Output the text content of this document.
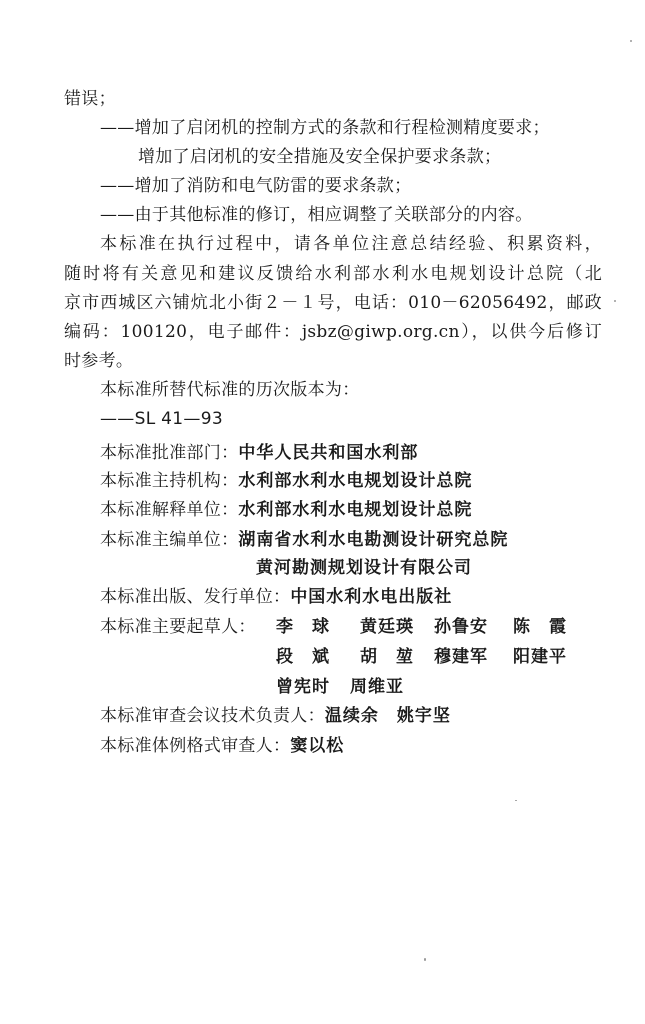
错误；
——增加了启闭机的控制方式的条款和行程检测精度要求；
增加了启闭机的安全措施及安全保护要求条款；
——增加了消防和电气防雷的要求条款；
——由于其他标准的修订，相应调整了关联部分的内容。
本标准在执行过程中，请各单位注意总结经验、积累资料，
随时将有关意见和建议反馈给水利部水利水电规划设计总院（北
京市西城区六铺炕北小街２－１号，电话：010－62056492，邮政
编码：100120，电子邮件：jsbz@giwp.org.cn），以供今后修订
时参考。
本标准所替代标准的历次版本为：
——SL 41—93
本标准批准部门：中华人民共和国水利部
本标准主持机构：水利部水利水电规划设计总院
本标准解释单位：水利部水利水电规划设计总院
本标准主编单位：湖南省水利水电勘测设计研究总院
黄河勘测规划设计有限公司
本标准出版、发行单位：中国水利水电出版社
本标准主要起草人： 李　球 黄廷瑛 孙鲁安 陈　霞
段　斌 胡　堃 穆建军 阳建平
曾宪时 周维亚
本标准审查会议技术负责人：温续余　姚宇坚
本标准体例格式审查人：窦以松
